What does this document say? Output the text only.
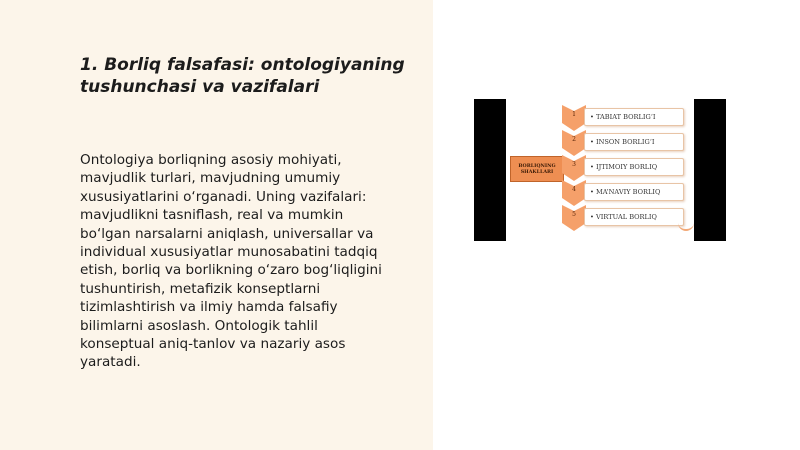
1. Borliq falsafasi: ontologiyaning
tushunchasi va vazifalari
Ontologiya borliqning asosiy mohiyati,
mavjudlik turlari, mavjudning umumiy
xususiyatlarini o‘rganadi. Uning vazifalari:
mavjudlikni tasniflash, real va mumkin
bo‘lgan narsalarni aniqlash, universallar va
individual xususiyatlar munosabatini tadqiq
etish, borliq va borlikning o‘zaro bog‘liqligini
tushuntirish, metafizik konseptlarni
tizimlashtirish va ilmiy hamda falsafiy
bilimlarni asoslash. Ontologik tahlil
konseptual aniq-tanlov va nazariy asos
yaratadi.
BORLIQNING
SHAKLLARI
1	• TABIAT BORLIG‘I
2	• INSON BORLIG‘I
3	• IJTIMOIY BORLIQ
4	• MA’NAVIY BORLIQ
5	• VIRTUAL BORLIQ
